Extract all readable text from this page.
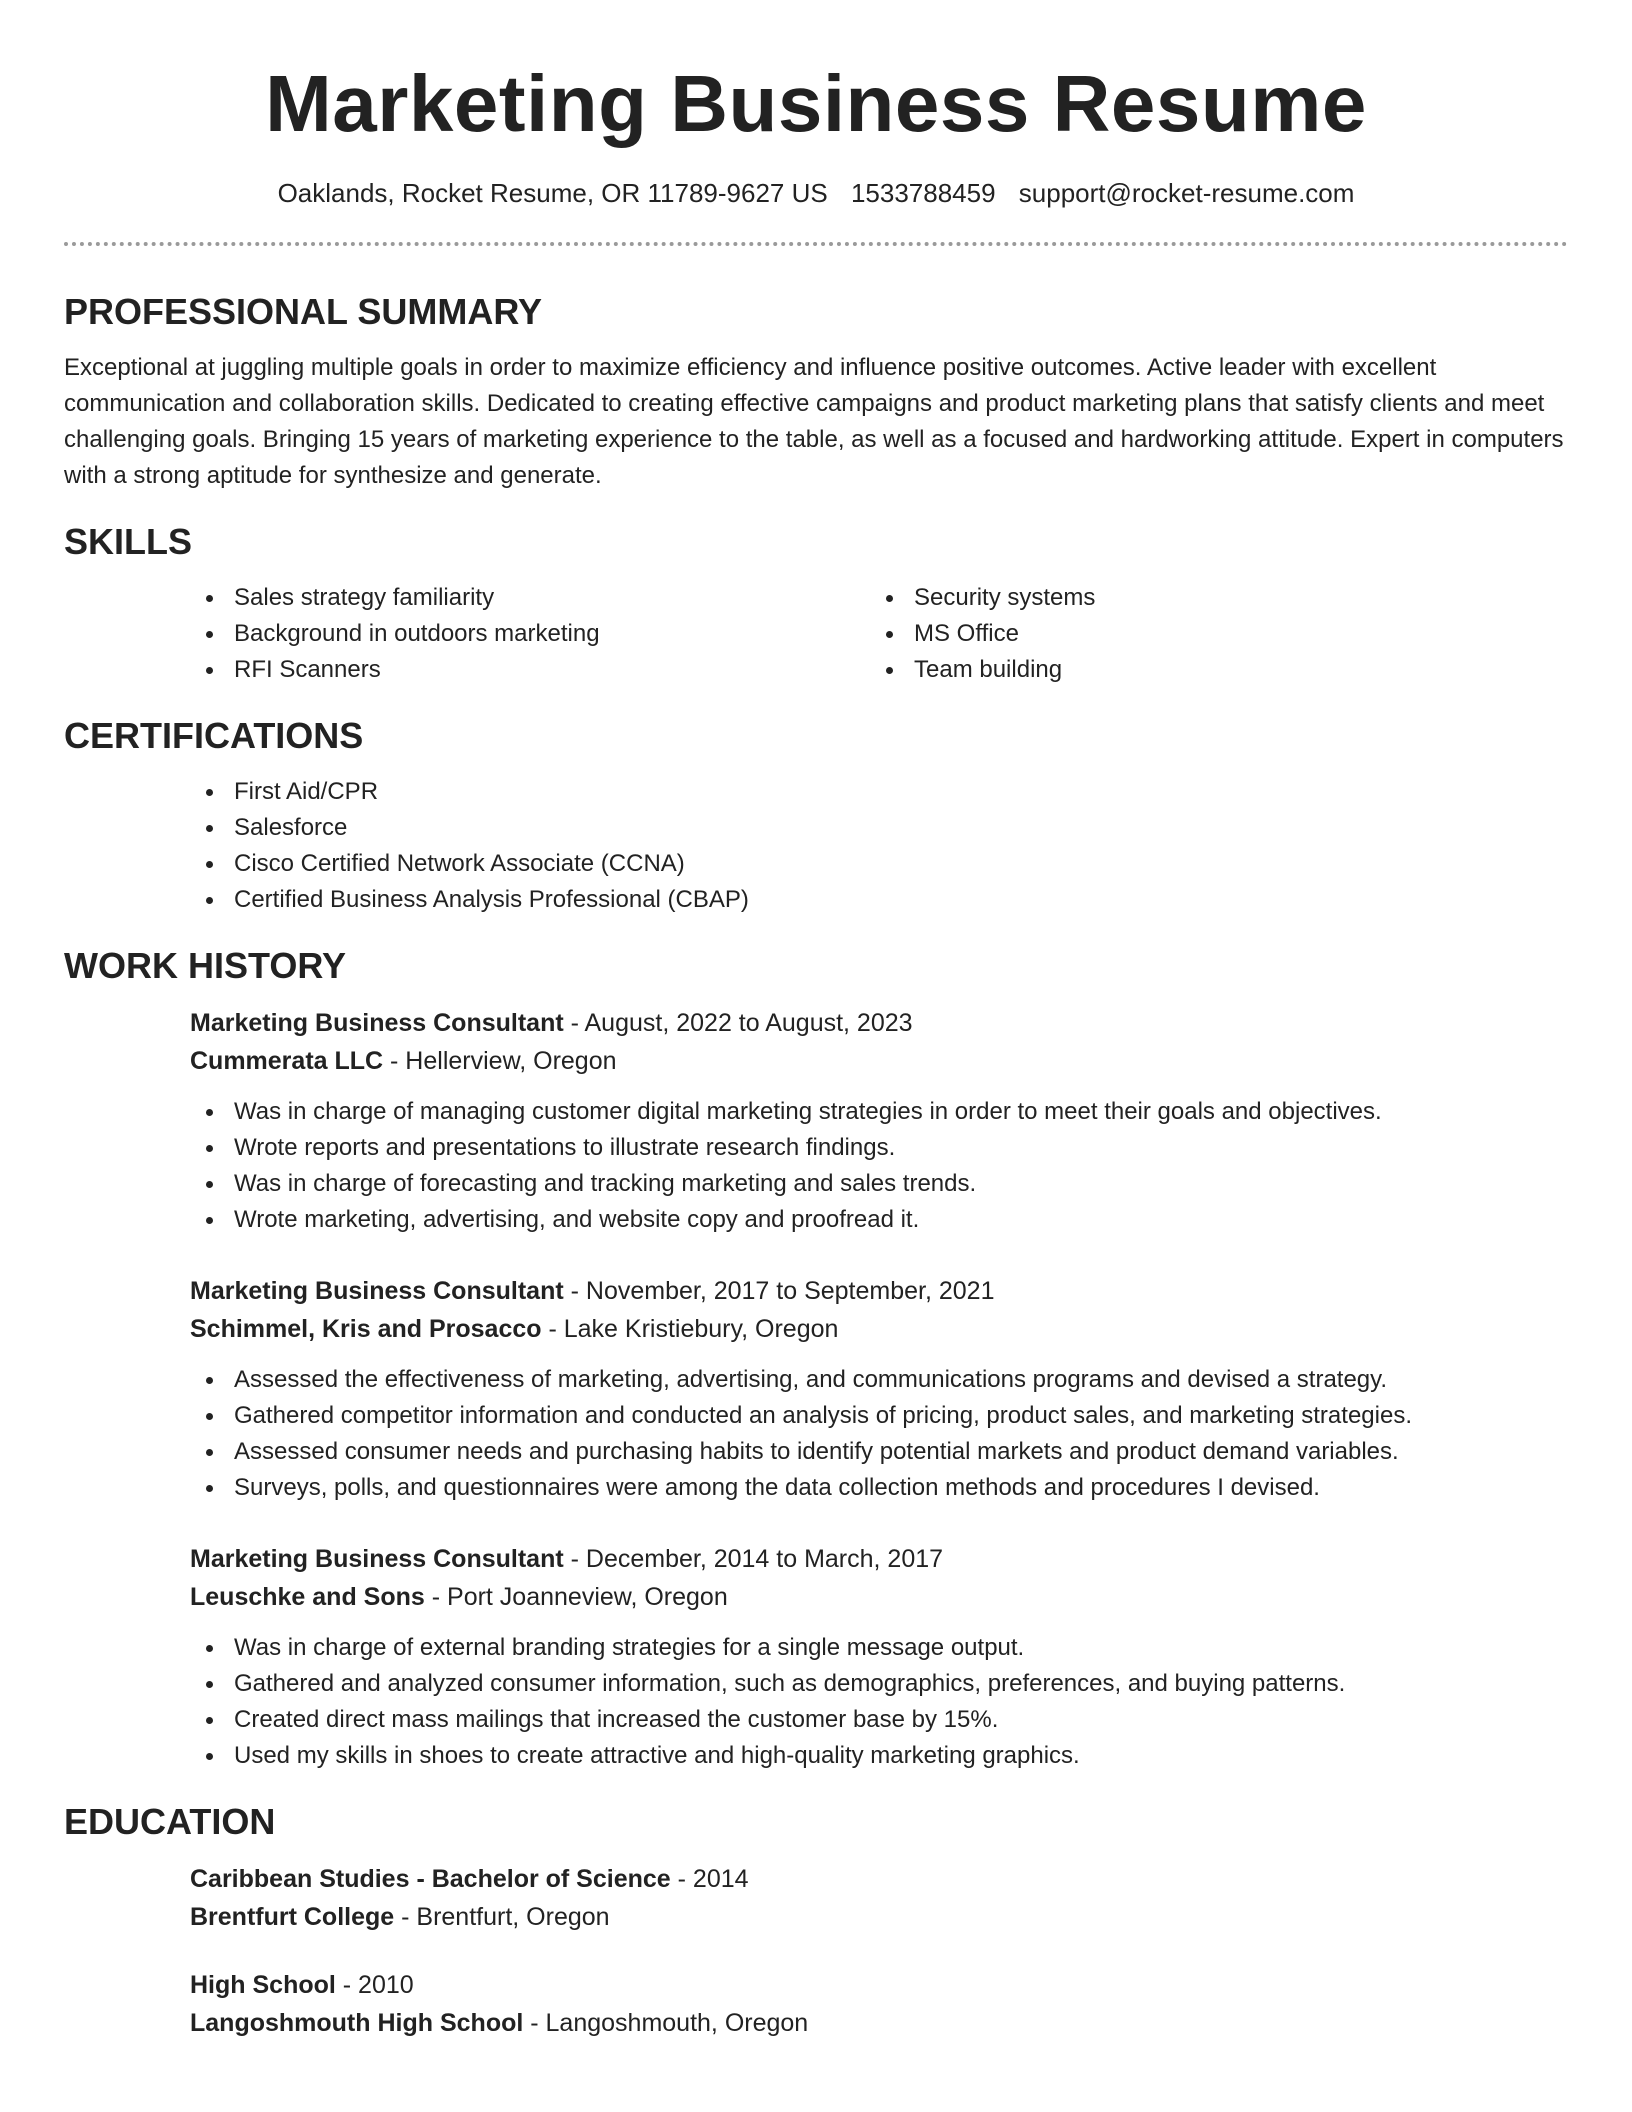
Marketing Business Resume
Oaklands, Rocket Resume, OR 11789-9627 US 1533788459 support@rocket-resume.com
PROFESSIONAL SUMMARY

Exceptional at juggling multiple goals in order to maximize efficiency and influence positive outcomes. Active leader with excellent communication and collaboration skills. Dedicated to creating effective campaigns and product marketing plans that satisfy clients and meet challenging goals. Bringing 15 years of marketing experience to the table, as well as a focused and hardworking attitude. Expert in computers with a strong aptitude for synthesize and generate.

SKILLS
Sales strategy familiarity
Background in outdoors marketing
RFI Scanners
Security systems
MS Office
Team building
CERTIFICATIONS
First Aid/CPR
Salesforce
Cisco Certified Network Associate (CCNA)
Certified Business Analysis Professional (CBAP)
WORK HISTORY
Marketing Business Consultant - August, 2022 to August, 2023
Cummerata LLC - Hellerview, Oregon
Was in charge of managing customer digital marketing strategies in order to meet their goals and objectives.
Wrote reports and presentations to illustrate research findings.
Was in charge of forecasting and tracking marketing and sales trends.
Wrote marketing, advertising, and website copy and proofread it.
Marketing Business Consultant - November, 2017 to September, 2021
Schimmel, Kris and Prosacco - Lake Kristiebury, Oregon
Assessed the effectiveness of marketing, advertising, and communications programs and devised a strategy.
Gathered competitor information and conducted an analysis of pricing, product sales, and marketing strategies.
Assessed consumer needs and purchasing habits to identify potential markets and product demand variables.
Surveys, polls, and questionnaires were among the data collection methods and procedures I devised.
Marketing Business Consultant - December, 2014 to March, 2017
Leuschke and Sons - Port Joanneview, Oregon
Was in charge of external branding strategies for a single message output.
Gathered and analyzed consumer information, such as demographics, preferences, and buying patterns.
Created direct mass mailings that increased the customer base by 15%.
Used my skills in shoes to create attractive and high-quality marketing graphics.
EDUCATION
Caribbean Studies - Bachelor of Science - 2014
Brentfurt College - Brentfurt, Oregon
High School - 2010
Langoshmouth High School - Langoshmouth, Oregon
